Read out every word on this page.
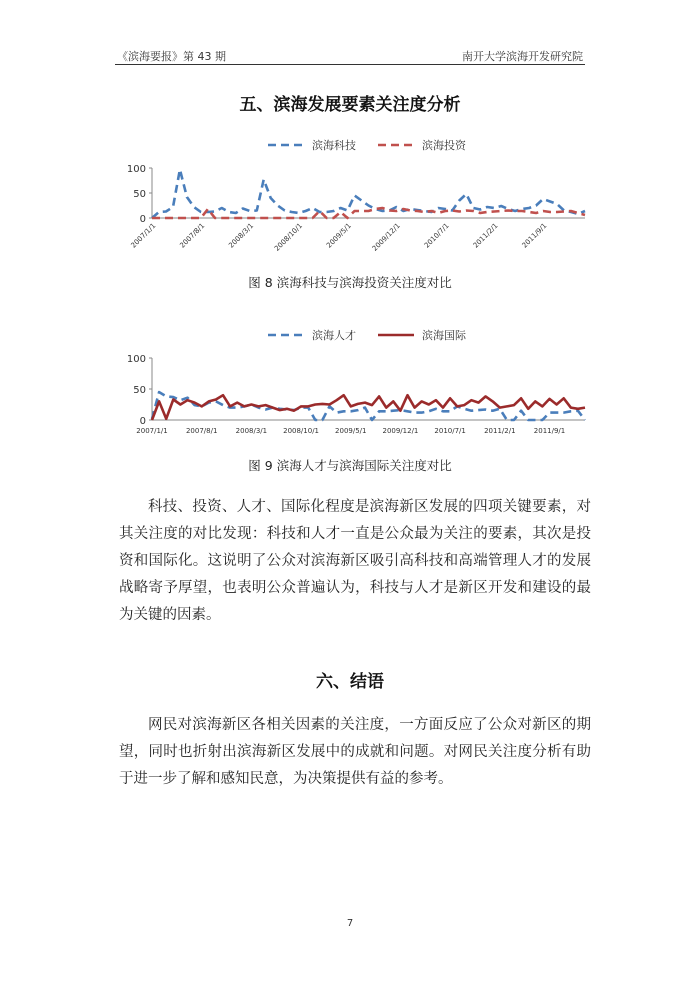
《滨海要报》第 43 期	南开大学滨海开发研究院
五、滨海发展要素关注度分析
滨海科技	滨海投资
0
50
100
2007/1/1	2007/8/1	2008/3/1	2008/10/1	2009/5/1	2009/12/1	2010/7/1	2011/2/1	2011/9/1
图 8 滨海科技与滨海投资关注度对比
滨海人才	滨海国际
0
50
100
2007/1/1	2007/8/1	2008/3/1 2008/10/1 2009/5/1 2009/12/1 2010/7/1	2011/2/1	2011/9/1
图 9 滨海人才与滨海国际关注度对比

科技、投资、人才、国际化程度是滨海新区发展的四项关键要素，对其关注度的对比发现：科技和人才一直是公众最为关注的要素，其次是投资和国际化。这说明了公众对滨海新区吸引高科技和高端管理人才的发展战略寄予厚望，也表明公众普遍认为，科技与人才是新区开发和建设的最为关键的因素。

六、结语

网民对滨海新区各相关因素的关注度，一方面反应了公众对新区的期望，同时也折射出滨海新区发展中的成就和问题。对网民关注度分析有助于进一步了解和感知民意，为决策提供有益的参考。

7
